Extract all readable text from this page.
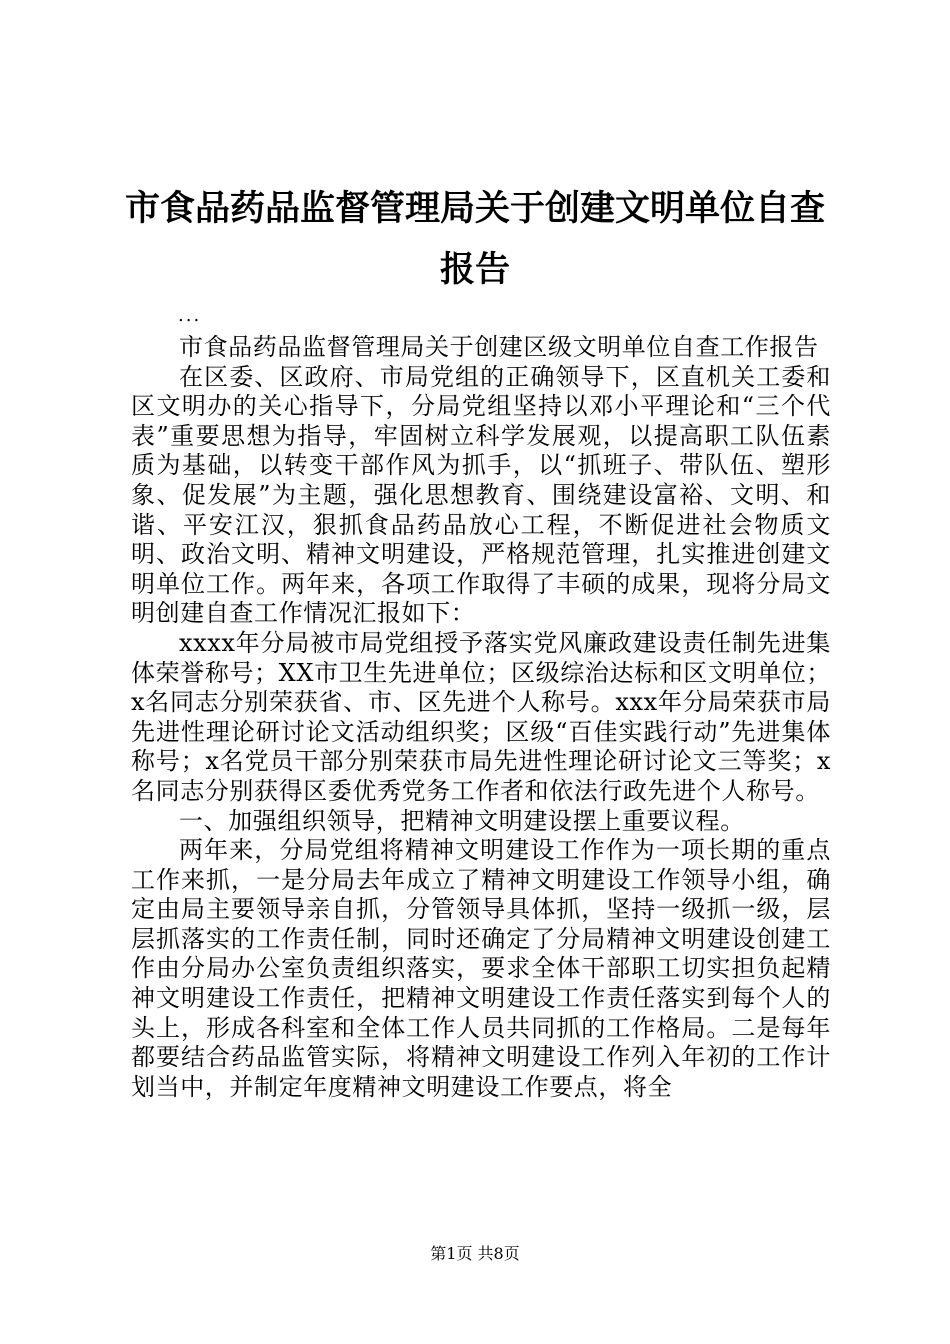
市食品药品监督管理局关于创建文明单位自查
报告
...

市食品药品监督管理局关于创建区级文明单位自查工作报告

在区委、区政府、市局党组的正确领导下，区直机关工委和区文明办的关心指导下，分局党组坚持以邓小平理论和“三个代表”重要思想为指导，牢固树立科学发展观，以提高职工队伍素质为基础，以转变干部作风为抓手，以“抓班子、带队伍、塑形象、促发展”为主题，强化思想教育、围绕建设富裕、文明、和谐、平安江汉，狠抓食品药品放心工程，不断促进社会物质文明、政治文明、精神文明建设，严格规范管理，扎实推进创建文明单位工作。两年来，各项工作取得了丰硕的成果，现将分局文明创建自查工作情况汇报如下：

xxxx年分局被市局党组授予落实党风廉政建设责任制先进集体荣誉称号；XX市卫生先进单位；区级综治达标和区文明单位；x名同志分别荣获省、市、区先进个人称号。xxx年分局荣获市局先进性理论研讨论文活动组织奖；区级“百佳实践行动”先进集体称号；x名党员干部分别荣获市局先进性理论研讨论文三等奖；x名同志分别获得区委优秀党务工作者和依法行政先进个人称号。

一、加强组织领导，把精神文明建设摆上重要议程。

两年来，分局党组将精神文明建设工作作为一项长期的重点工作来抓，一是分局去年成立了精神文明建设工作领导小组，确定由局主要领导亲自抓，分管领导具体抓，坚持一级抓一级，层层抓落实的工作责任制，同时还确定了分局精神文明建设创建工作由分局办公室负责组织落实，要求全体干部职工切实担负起精神文明建设工作责任，把精神文明建设工作责任落实到每个人的头上，形成各科室和全体工作人员共同抓的工作格局。二是每年都要结合药品监管实际，将精神文明建设工作列入年初的工作计划当中，并制定年度精神文明建设工作要点，将全

第1页 共8页
